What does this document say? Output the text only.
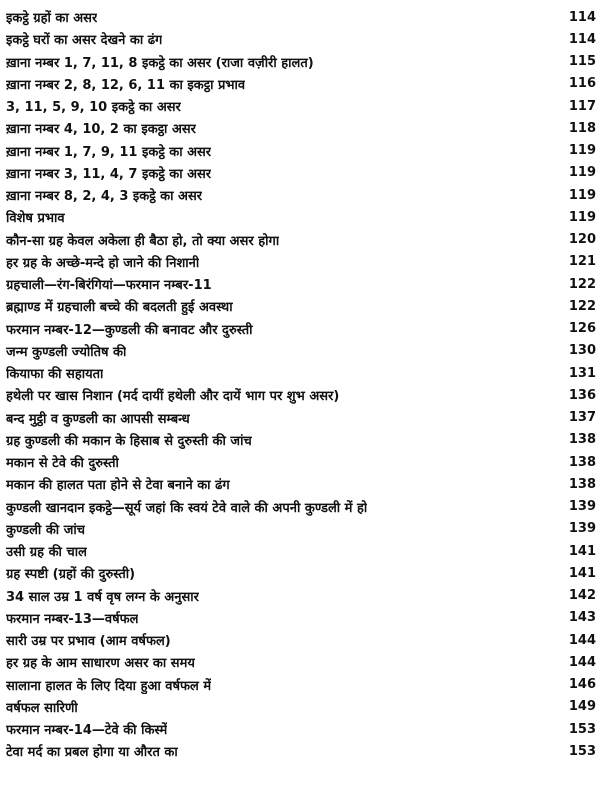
इकट्ठे ग्रहों का असर	114
इकट्ठे घरों का असर देखने का ढंग	114
ख़ाना नम्बर 1, 7, 11, 8 इकट्ठे का असर (राजा वज़ीरी हालत)	115
ख़ाना नम्बर 2, 8, 12, 6, 11 का इकट्ठा प्रभाव	116
3, 11, 5, 9, 10 इकट्ठे का असर	117
ख़ाना नम्बर 4, 10, 2 का इकट्ठा असर	118
ख़ाना नम्बर 1, 7, 9, 11 इकट्ठे का असर	119
ख़ाना नम्बर 3, 11, 4, 7 इकट्ठे का असर	119
ख़ाना नम्बर 8, 2, 4, 3 इकट्ठे का असर	119
विशेष प्रभाव	119
कौन-सा ग्रह केवल अकेला ही बैठा हो, तो क्या असर होगा	120
हर ग्रह के अच्छे-मन्दे हो जाने की निशानी	121
ग्रहचाली—रंग-बिरंगियां—फरमान नम्बर-11	122
ब्रह्माण्ड में ग्रहचाली बच्चे की बदलती हुई अवस्था	122
फरमान नम्बर-12—कुण्डली की बनावट और दुरुस्ती	126
जन्म कुण्डली ज्योतिष की	130
कियाफा की सहायता	131
हथेली पर खास निशान (मर्द दायीं हथेली और दायें भाग पर शुभ असर)	136
बन्द मुट्ठी व कुण्डली का आपसी सम्बन्ध	137
ग्रह कुण्डली की मकान के हिसाब से दुरुस्ती की जांच	138
मकान से टेवे की दुरुस्ती	138
मकान की हालत पता होने से टेवा बनाने का ढंग	138
कुण्डली खानदान इकट्ठे—सूर्य जहां कि स्वयं टेवे वाले की अपनी कुण्डली में हो	139
कुण्डली की जांच	139
उसी ग्रह की चाल	141
ग्रह स्पष्टी (ग्रहों की दुरुस्ती)	141
34 साल उम्र 1 वर्ष वृष लग्न के अनुसार	142
फरमान नम्बर-13—वर्षफल	143
सारी उम्र पर प्रभाव (आम वर्षफल)	144
हर ग्रह के आम साधारण असर का समय	144
सालाना हालत के लिए दिया हुआ वर्षफल में	146
वर्षफल सारिणी	149
फरमान नम्बर-14—टेवे की किस्में	153
टेवा मर्द का प्रबल होगा या औरत का	153
